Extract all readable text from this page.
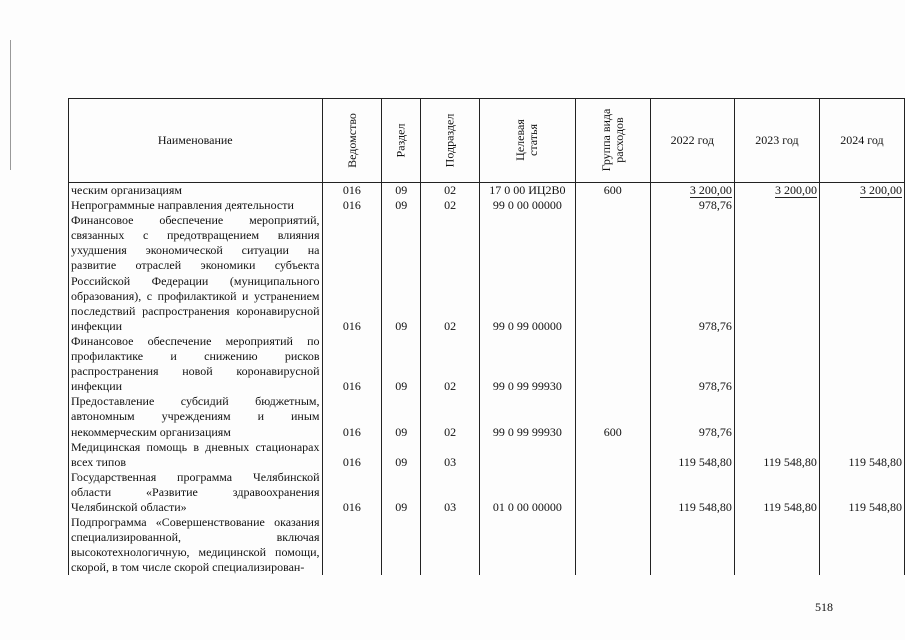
Наименование	Ведомство	Раздел	Подраздел	Целевая статья	Группа вида расходов	2022 год	2023 год	2024 год
ческим организациям	016	09	02	17 0 00 ИЦ2В0	600	3 200,00	3 200,00	3 200,00
Непрограммные направления деятельности	016	09	02	99 0 00 00000		978,76		
Финансовое обеспечение мероприятий, связанных с предотвращением влияния ухудшения экономической ситуации на развитие отраслей экономики субъекта Российской Федерации (муниципального образования), с профилактикой и устранением последствий распространения коронавирусной инфекции	016	09	02	99 0 99 00000		978,76		
Финансовое обеспечение мероприятий по профилактике и снижению рисков распространения новой коронавирусной инфекции	016	09	02	99 0 99 99930		978,76		
Предоставление субсидий бюджетным, автономным учреждениям и иным некоммерческим организациям	016	09	02	99 0 99 99930	600	978,76		
Медицинская помощь в дневных стационарах всех типов	016	09	03			119 548,80	119 548,80	119 548,80
Государственная программа Челябинской области «Развитие здравоохранения Челябинской области»	016	09	03	01 0 00 00000		119 548,80	119 548,80	119 548,80
Подпрограмма «Совершенствование оказания специализированной, включая высокотехнологичную, медицинской помощи, скорой, в том числе скорой специализирован-								
518
